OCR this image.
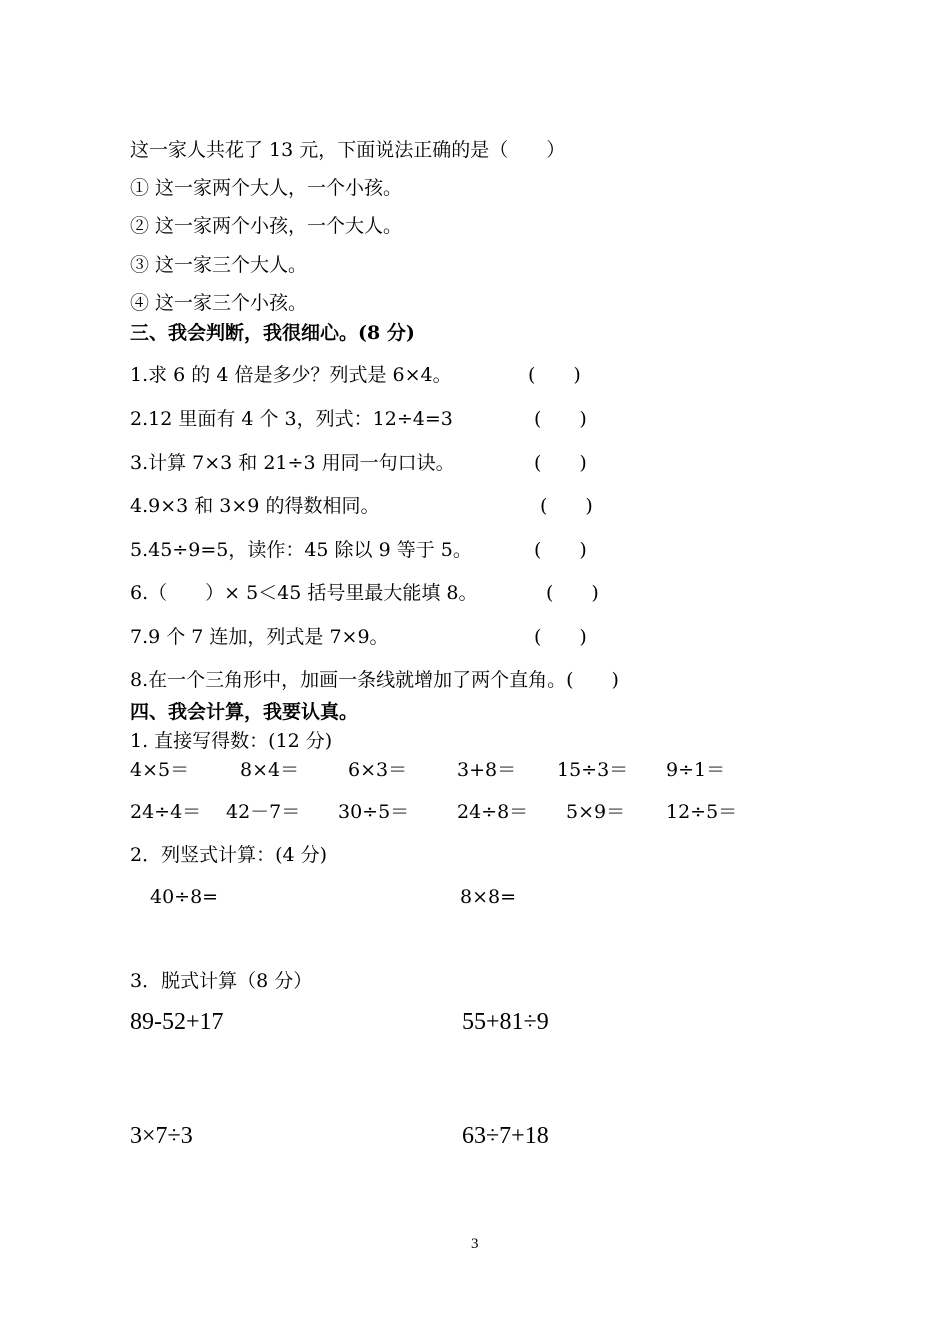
这一家人共花了 13 元，下面说法正确的是（　　）
① 这一家两个大人，一个小孩。
② 这一家两个小孩，一个大人。
③ 这一家三个大人。
④ 这一家三个小孩。
三、我会判断，我很细心。(8 分)
1.求 6 的 4 倍是多少？列式是 6×4。	(　　)
2.12 里面有 4 个 3，列式：12÷4=3	(　　)
3.计算 7×3 和 21÷3 用同一句口诀。	(　　)
4.9×3 和 3×9 的得数相同。	(　　)
5.45÷9=5，读作：45 除以 9 等于 5。	(　　)
6.（　　）× 5＜45 括号里最大能填 8。	(　　)
7.9 个 7 连加，列式是 7×9。	(　　)
8.在一个三角形中，加画一条线就增加了两个直角。(　　)
四、我会计算，我要认真。
1. 直接写得数：(12 分)
4×5＝	8×4＝	6×3＝	3+8＝ 15÷3＝ 9÷1＝
24÷4＝ 42－7＝ 30÷5＝	24÷8＝ 5×9＝ 12÷5＝
2．列竖式计算：(4 分)
40÷8=	8×8=
3．脱式计算（8 分）
89-52+17	55+81÷9
3×7÷3	63÷7+18
3
